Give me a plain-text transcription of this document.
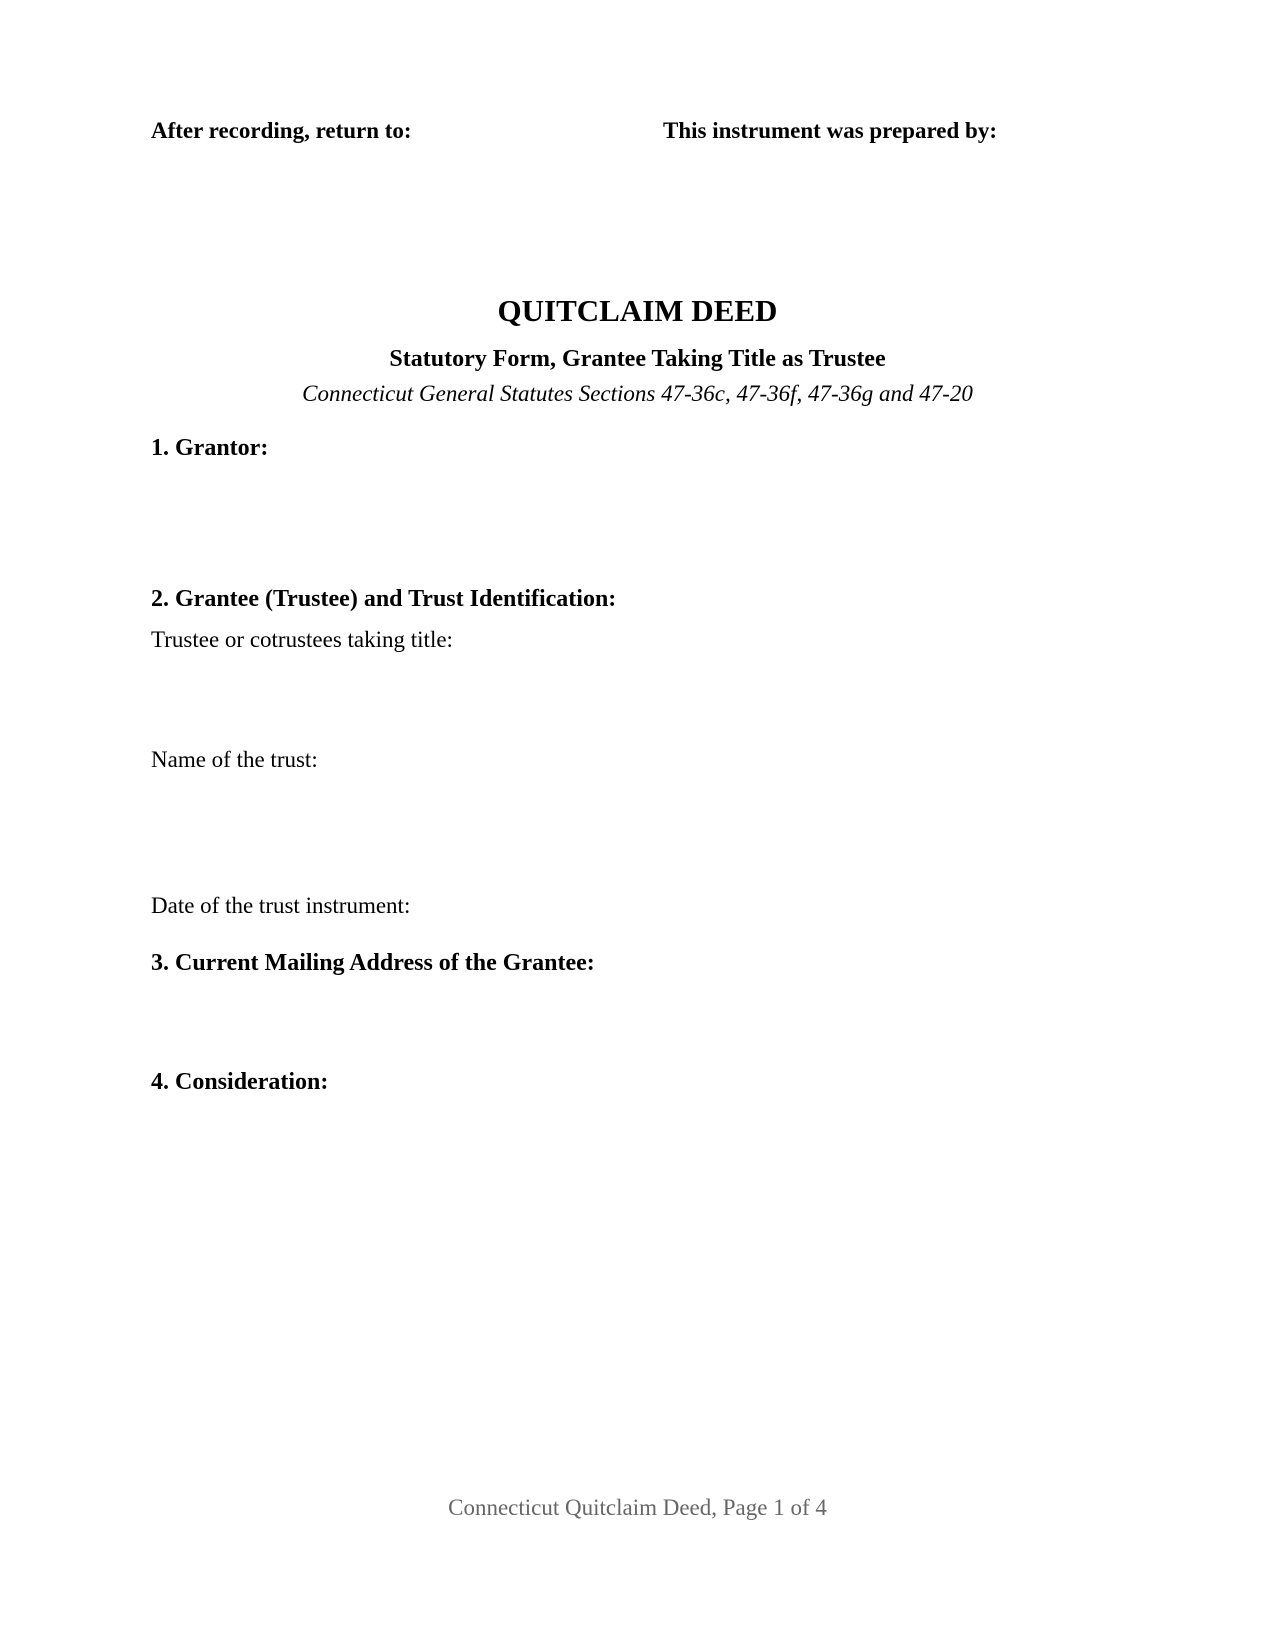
After recording, return to:	This instrument was prepared by:
QUITCLAIM DEED
Statutory Form, Grantee Taking Title as Trustee
Connecticut General Statutes Sections 47-36c, 47-36f, 47-36g and 47-20
1. Grantor:
2. Grantee (Trustee) and Trust Identification:
Trustee or cotrustees taking title:
Name of the trust:
Date of the trust instrument:
3. Current Mailing Address of the Grantee:
4. Consideration:
Connecticut Quitclaim Deed, Page 1 of 4
